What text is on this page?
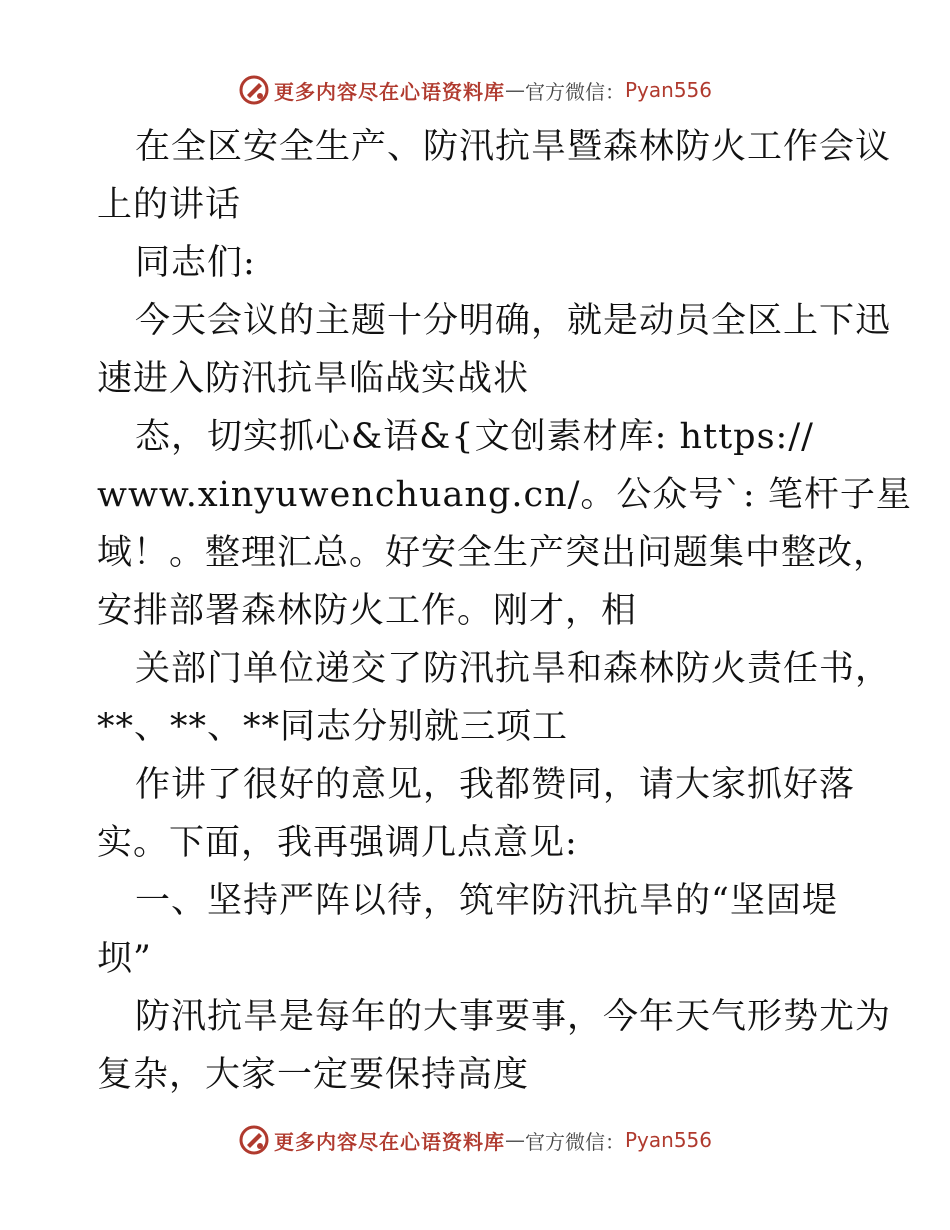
更多内容尽在心语资料库 — 官方微信： Pyan556
在全区安全生产、防汛抗旱暨森林防火工作会议
上的讲话
同志们:
今天会议的主题十分明确，就是动员全区上下迅
速进入防汛抗旱临战实战状
态，切实抓心&语&{文创素材库: https://
www.xinyuwenchuang.cn/。公众号`: 笔杆子星
域！。整理汇总。好安全生产突出问题集中整改，
安排部署森林防火工作。刚才，相
关部门单位递交了防汛抗旱和森林防火责任书，
**、**、**同志分别就三项工
作讲了很好的意见，我都赞同，请大家抓好落
实。下面，我再强调几点意见:
一、坚持严阵以待，筑牢防汛抗旱的“坚固堤
坝”
防汛抗旱是每年的大事要事，今年天气形势尤为
复杂，大家一定要保持高度
更多内容尽在心语资料库 — 官方微信： Pyan556
